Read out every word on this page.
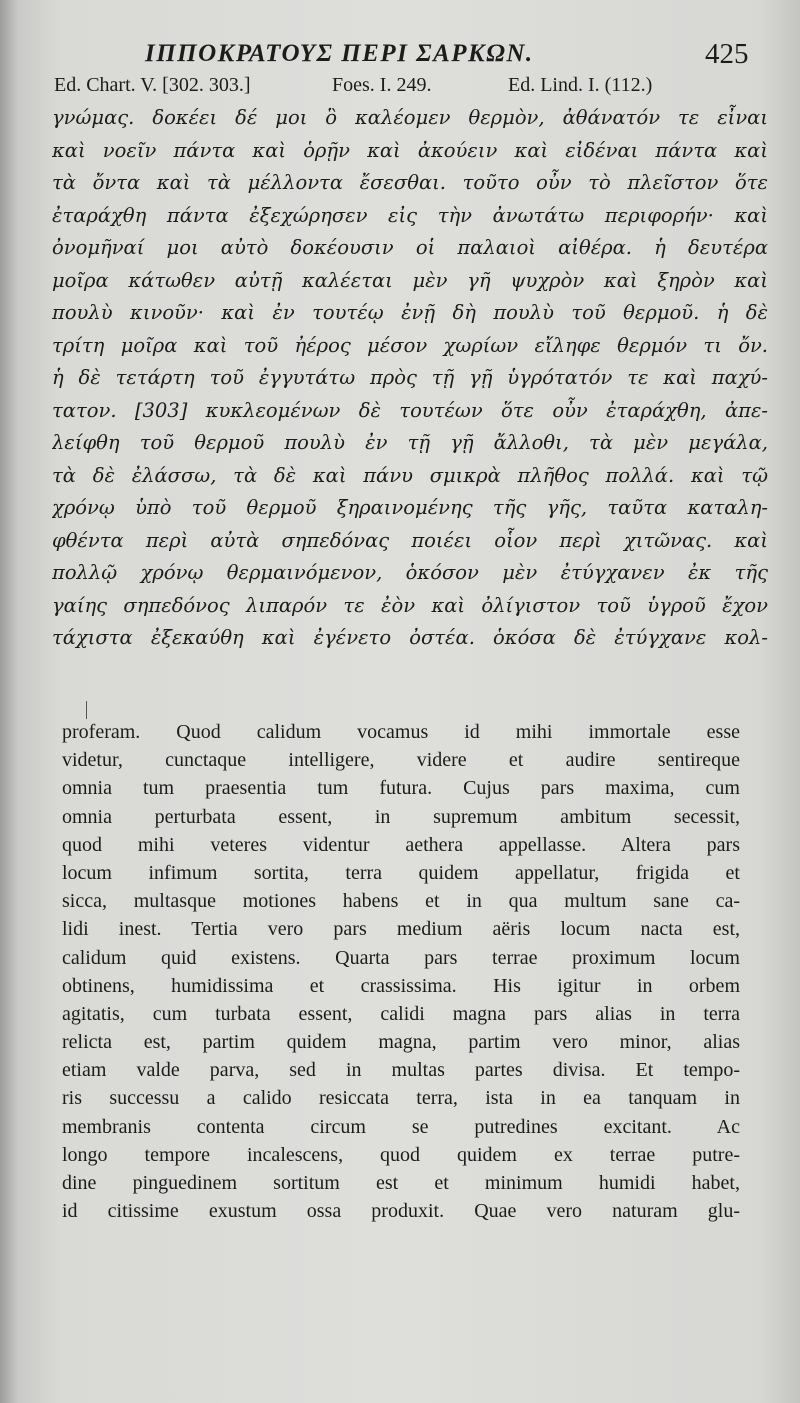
ΙΠΠΟΚΡΑΤΟΥΣ ΠΕΡΙ ΣΑΡΚΩΝ.	425
Ed. Chart. V. [302. 303.]	Foes. I. 249.	Ed. Lind. I. (112.)
γνώμας. δοκέει δέ μοι ὃ καλέομεν θερμὸν, ἀθάνατόν τε εἶναι
καὶ νοεῖν πάντα καὶ ὁρῇν καὶ ἀκούειν καὶ εἰδέναι πάντα καὶ
τὰ ὄντα καὶ τὰ μέλλοντα ἔσεσθαι. τοῦτο οὖν τὸ πλεῖστον ὅτε
ἐταράχθη πάντα ἐξεχώρησεν εἰς τὴν ἀνωτάτω περιφορήν· καὶ
ὀνομῆναί μοι αὐτὸ δοκέουσιν οἱ παλαιοὶ αἰθέρα. ἡ δευτέρα
μοῖρα κάτωθεν αὐτῇ καλέεται μὲν γῆ ψυχρὸν καὶ ξηρὸν καὶ
πουλὺ κινοῦν· καὶ ἐν τουτέῳ ἐνῇ δὴ πουλὺ τοῦ θερμοῦ. ἡ δὲ
τρίτη μοῖρα καὶ τοῦ ἠέρος μέσον χωρίων εἴληφε θερμόν τι ὄν.
ἡ δὲ τετάρτη τοῦ ἐγγυτάτω πρὸς τῇ γῇ ὑγρότατόν τε καὶ παχύ-
τατον. [303] κυκλεομένων δὲ τουτέων ὅτε οὖν ἐταράχθη, ἀπε-
λείφθη τοῦ θερμοῦ πουλὺ ἐν τῇ γῇ ἄλλοθι, τὰ μὲν μεγάλα,
τὰ δὲ ἐλάσσω, τὰ δὲ καὶ πάνυ σμικρὰ πλῆθος πολλά. καὶ τῷ
χρόνῳ ὑπὸ τοῦ θερμοῦ ξηραινομένης τῆς γῆς, ταῦτα καταλη-
φθέντα περὶ αὐτὰ σηπεδόνας ποιέει οἷον περὶ χιτῶνας. καὶ
πολλῷ χρόνῳ θερμαινόμενον, ὁκόσον μὲν ἐτύγχανεν ἐκ τῆς
γαίης σηπεδόνος λιπαρόν τε ἐὸν καὶ ὀλίγιστον τοῦ ὑγροῦ ἔχον
τάχιστα ἐξεκαύθη καὶ ἐγένετο ὀστέα. ὁκόσα δὲ ἐτύγχανε κολ-
proferam. Quod calidum vocamus id mihi immortale esse
videtur, cunctaque intelligere, videre et audire sentireque
omnia tum praesentia tum futura. Cujus pars maxima, cum
omnia perturbata essent, in supremum ambitum secessit,
quod mihi veteres videntur aethera appellasse. Altera pars
locum infimum sortita, terra quidem appellatur, frigida et
sicca, multasque motiones habens et in qua multum sane ca-
lidi inest. Tertia vero pars medium aëris locum nacta est,
calidum quid existens. Quarta pars terrae proximum locum
obtinens, humidissima et crassissima. His igitur in orbem
agitatis, cum turbata essent, calidi magna pars alias in terra
relicta est, partim quidem magna, partim vero minor, alias
etiam valde parva, sed in multas partes divisa. Et tempo-
ris successu a calido resiccata terra, ista in ea tanquam in
membranis contenta circum se putredines excitant. Ac
longo tempore incalescens, quod quidem ex terrae putre-
dine pinguedinem sortitum est et minimum humidi habet,
id citissime exustum ossa produxit. Quae vero naturam glu-
